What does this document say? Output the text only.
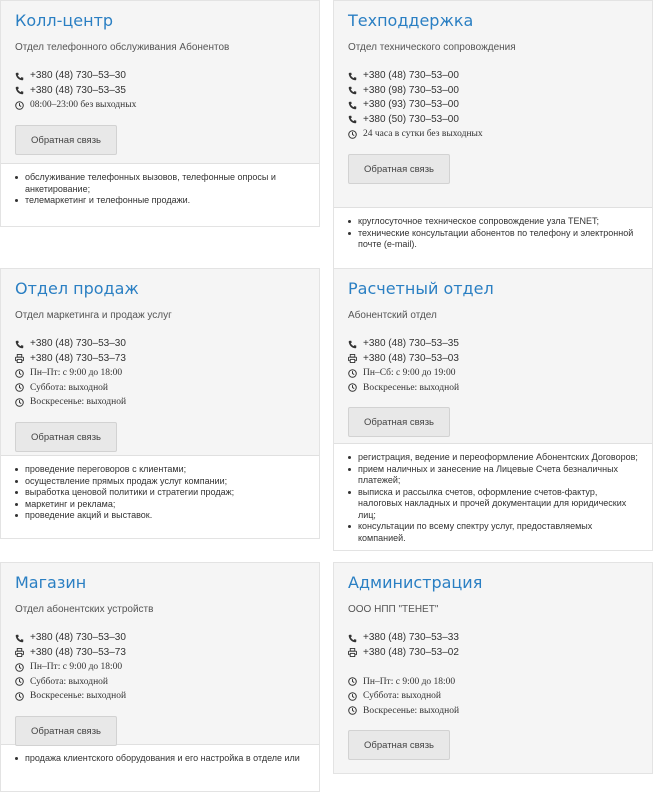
Колл-центр
Отдел телефонного обслуживания Абонентов
+380 (48) 730–53–30
+380 (48) 730–53–35
08:00–23:00 без выходных
Обратная связь
обслуживание телефонных вызовов, телефонные опросы и анкетирование;
телемаркетинг и телефонные продажи.
Техподдержка
Отдел технического сопровождения
+380 (48) 730–53–00
+380 (98) 730–53–00
+380 (93) 730–53–00
+380 (50) 730–53–00
24 часа в сутки без выходных
Обратная связь
круглосуточное техническое сопровождение узла TENET;
технические консультации абонентов по телефону и электронной почте (e-mail).
Отдел продаж
Отдел маркетинга и продаж услуг
+380 (48) 730–53–30
+380 (48) 730–53–73
Пн–Пт: с 9:00 до 18:00
Суббота: выходной
Воскресенье: выходной
Обратная связь
проведение переговоров с клиентами;
осуществление прямых продаж услуг компании;
выработка ценовой политики и стратегии продаж;
маркетинг и реклама;
проведение акций и выставок.
Расчетный отдел
Абонентский отдел
+380 (48) 730–53–35
+380 (48) 730–53–03
Пн–Сб: с 9:00 до 19:00
Воскресенье: выходной
Обратная связь
регистрация, ведение и переоформление Абонентских Договоров;
прием наличных и занесение на Лицевые Счета безналичных платежей;
выписка и рассылка счетов, оформление счетов-фактур, налоговых накладных и прочей документации для юридических лиц;
консультации по всему спектру услуг, предоставляемых компанией.
Магазин
Отдел абонентских устройств
+380 (48) 730–53–30
+380 (48) 730–53–73
Пн–Пт: с 9:00 до 18:00
Суббота: выходной
Воскресенье: выходной
Обратная связь
продажа клиентского оборудования и его настройка в отделе или
Администрация
ООО НПП "ТЕНЕТ"
+380 (48) 730–53–33
+380 (48) 730–53–02
Пн–Пт: с 9:00 до 18:00
Суббота: выходной
Воскресенье: выходной
Обратная связь
